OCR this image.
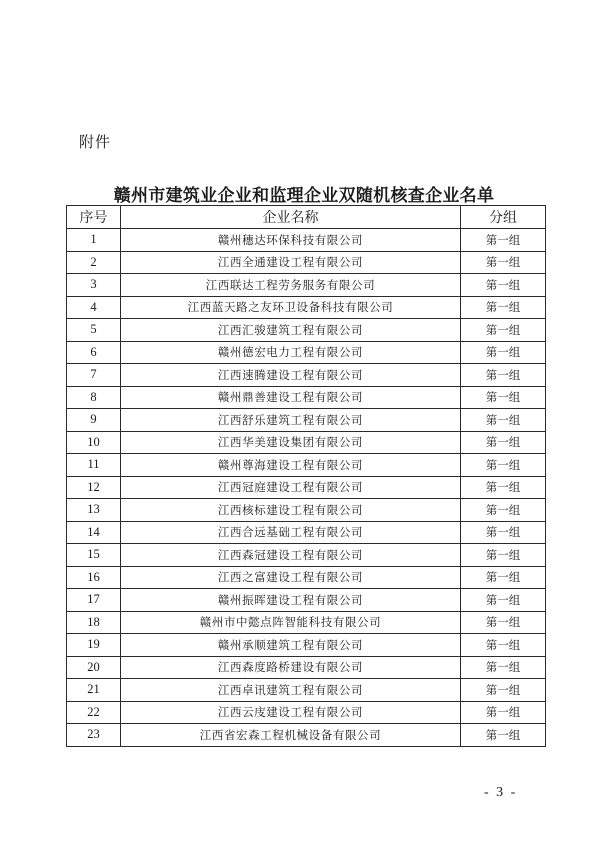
附件
赣州市建筑业企业和监理企业双随机核查企业名单
序号	企业名称	分组
1	赣州穗达环保科技有限公司	第一组
2	江西全通建设工程有限公司	第一组
3	江西联达工程劳务服务有限公司	第一组
4	江西蓝天路之友环卫设备科技有限公司	第一组
5	江西汇骏建筑工程有限公司	第一组
6	赣州德宏电力工程有限公司	第一组
7	江西速腾建设工程有限公司	第一组
8	赣州鼎善建设工程有限公司	第一组
9	江西舒乐建筑工程有限公司	第一组
10	江西华美建设集团有限公司	第一组
11	赣州尊海建设工程有限公司	第一组
12	江西冠庭建设工程有限公司	第一组
13	江西核标建设工程有限公司	第一组
14	江西合远基础工程有限公司	第一组
15	江西森冠建设工程有限公司	第一组
16	江西之富建设工程有限公司	第一组
17	赣州振晖建设工程有限公司	第一组
18	赣州市中懿点阵智能科技有限公司	第一组
19	赣州承顺建筑工程有限公司	第一组
20	江西森度路桥建设有限公司	第一组
21	江西卓讯建筑工程有限公司	第一组
22	江西云庋建设工程有限公司	第一组
23	江西省宏森工程机械设备有限公司	第一组
- 3 -
